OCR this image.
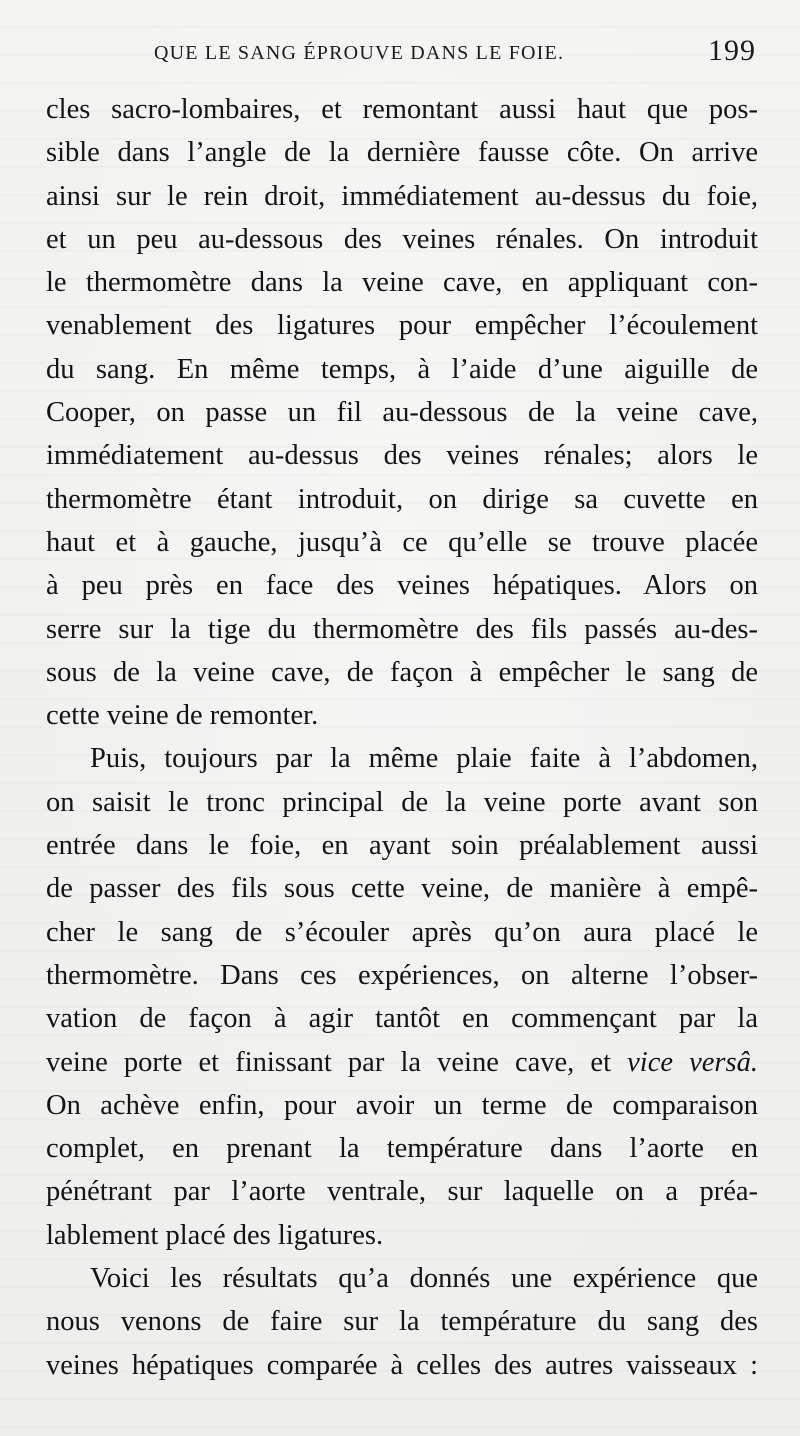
QUE LE SANG ÉPROUVE DANS LE FOIE.	199
cles sacro-lombaires, et remontant aussi haut que pos-
sible dans l’angle de la dernière fausse côte. On arrive
ainsi sur le rein droit, immédiatement au-dessus du foie,
et un peu au-dessous des veines rénales. On introduit
le thermomètre dans la veine cave, en appliquant con-
venablement des ligatures pour empêcher l’écoulement
du sang. En même temps, à l’aide d’une aiguille de
Cooper, on passe un fil au-dessous de la veine cave,
immédiatement au-dessus des veines rénales; alors le
thermomètre étant introduit, on dirige sa cuvette en
haut et à gauche, jusqu’à ce qu’elle se trouve placée
à peu près en face des veines hépatiques. Alors on
serre sur la tige du thermomètre des fils passés au-des-
sous de la veine cave, de façon à empêcher le sang de
cette veine de remonter.
Puis, toujours par la même plaie faite à l’abdomen,
on saisit le tronc principal de la veine porte avant son
entrée dans le foie, en ayant soin préalablement aussi
de passer des fils sous cette veine, de manière à empê-
cher le sang de s’écouler après qu’on aura placé le
thermomètre. Dans ces expériences, on alterne l’obser-
vation de façon à agir tantôt en commençant par la
veine porte et finissant par la veine cave, et vice versâ.
On achève enfin, pour avoir un terme de comparaison
complet, en prenant la température dans l’aorte en
pénétrant par l’aorte ventrale, sur laquelle on a préa-
lablement placé des ligatures.
Voici les résultats qu’a donnés une expérience que
nous venons de faire sur la température du sang des
veines hépatiques comparée à celles des autres vaisseaux :
